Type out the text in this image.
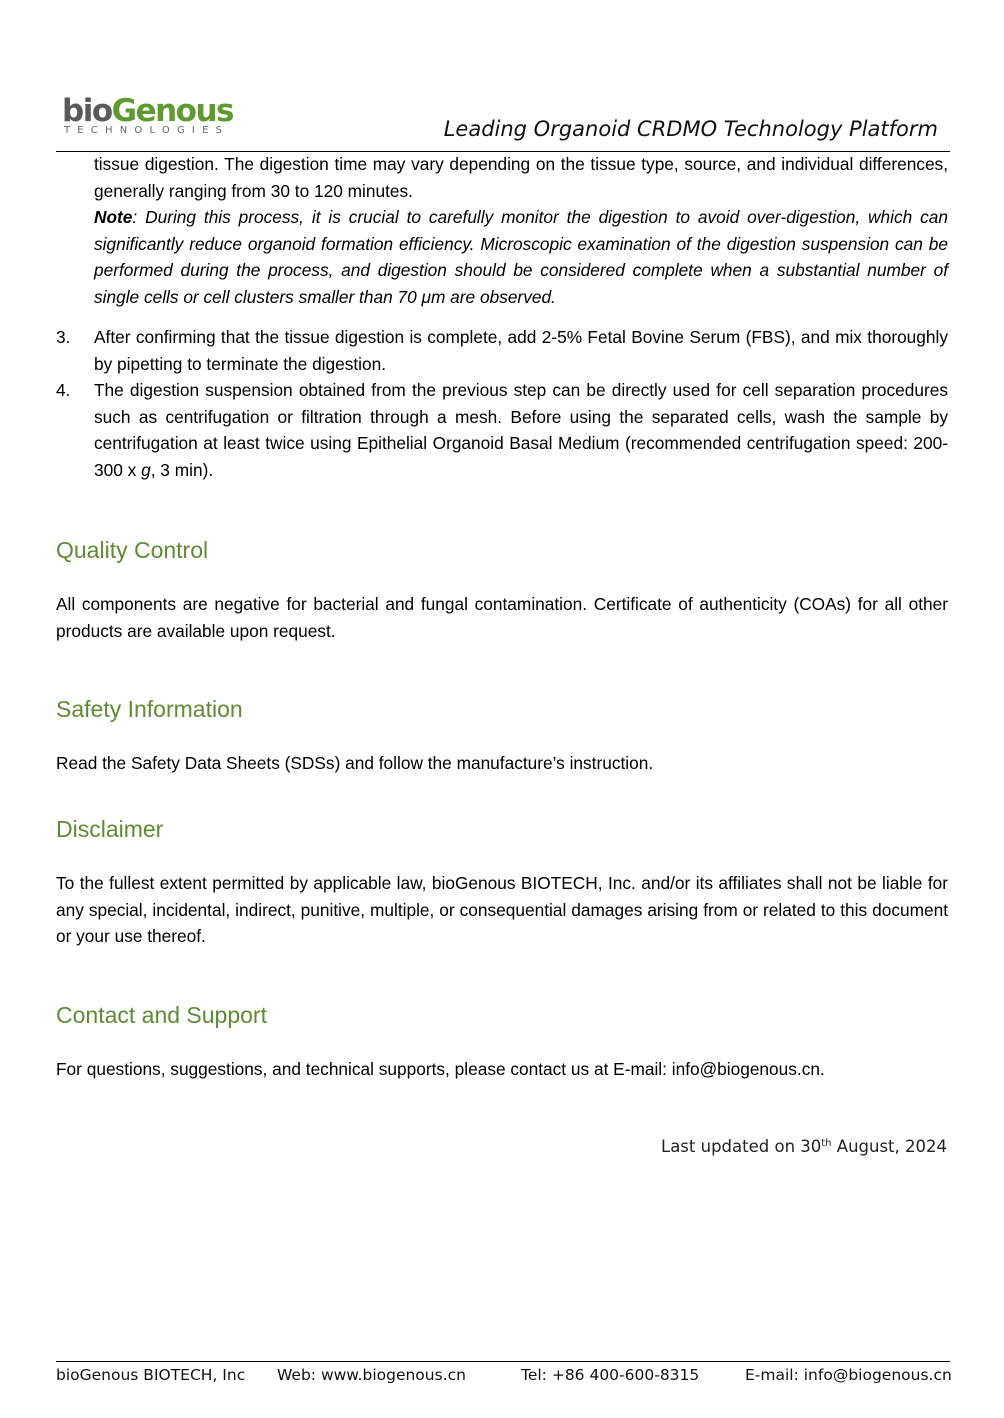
bioGenous
TECHNOLOGIES	Leading Organoid CRDMO Technology Platform
tissue digestion. The digestion time may vary depending on the tissue type, source, and individual differences, generally ranging from 30 to 120 minutes.
Note: During this process, it is crucial to carefully monitor the digestion to avoid over-digestion, which can significantly reduce organoid formation efficiency. Microscopic examination of the digestion suspension can be performed during the process, and digestion should be considered complete when a substantial number of single cells or cell clusters smaller than 70 μm are observed.
3. After confirming that the tissue digestion is complete, add 2-5% Fetal Bovine Serum (FBS), and mix thoroughly by pipetting to terminate the digestion.
4. The digestion suspension obtained from the previous step can be directly used for cell separation procedures such as centrifugation or filtration through a mesh. Before using the separated cells, wash the sample by centrifugation at least twice using Epithelial Organoid Basal Medium (recommended centrifugation speed: 200-300 x g, 3 min).
Quality Control
All components are negative for bacterial and fungal contamination. Certificate of authenticity (COAs) for all other products are available upon request.
Safety Information
Read the Safety Data Sheets (SDSs) and follow the manufacture’s instruction.
Disclaimer
To the fullest extent permitted by applicable law, bioGenous BIOTECH, Inc. and/or its affiliates shall not be liable for any special, incidental, indirect, punitive, multiple, or consequential damages arising from or related to this document or your use thereof.
Contact and Support
For questions, suggestions, and technical supports, please contact us at E-mail: info@biogenous.cn.
Last updated on 30th August, 2024
bioGenous BIOTECH, Inc Web: www.biogenous.cn	Tel: +86 400-600-8315	E-mail: info@biogenous.cn
